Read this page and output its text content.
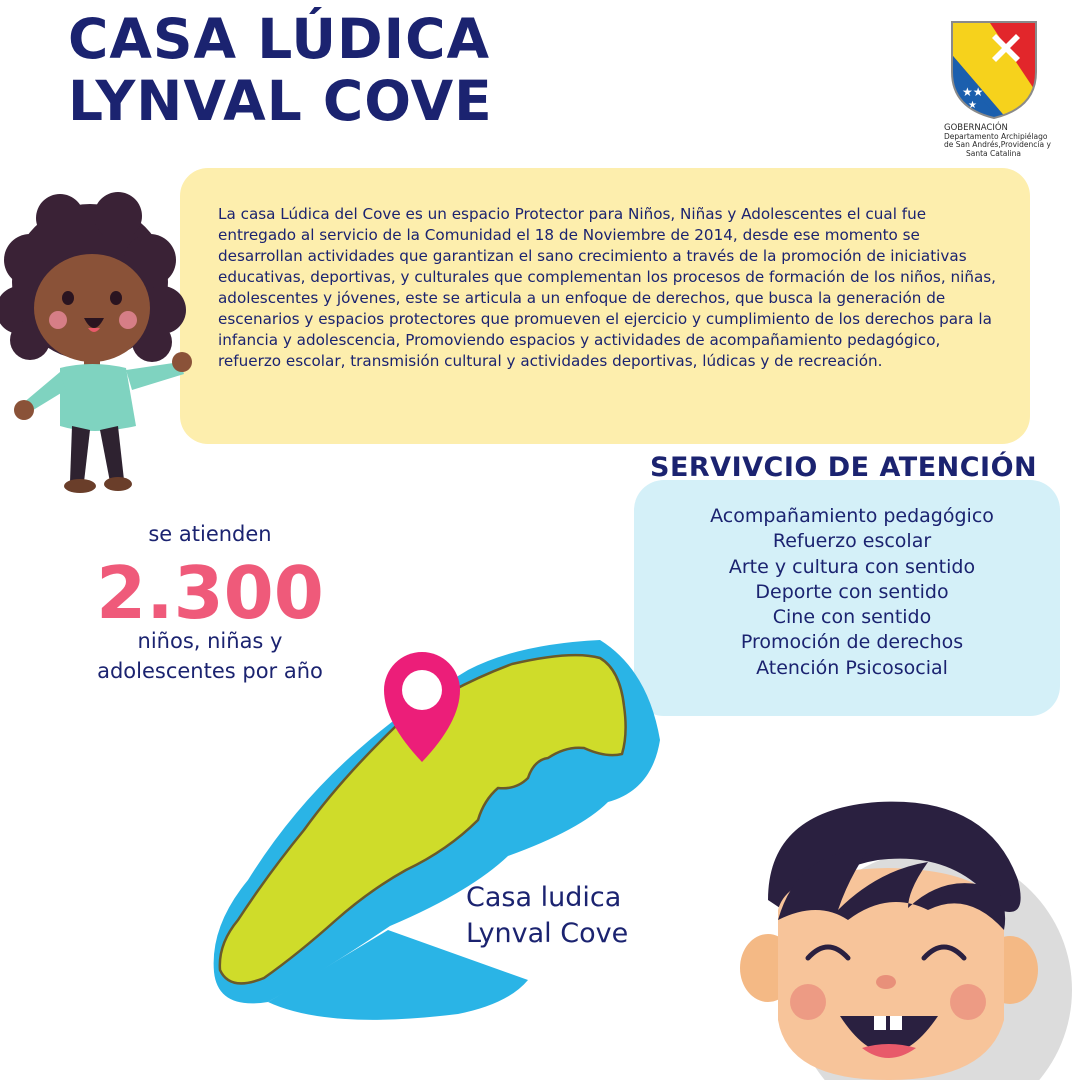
CASA LÚDICA
LYNVAL COVE	★★
★
GOBERNACIÓN
Departamento Archipiélago
de San Andrés,Providencia y
Santa Catalina

La casa Lúdica del Cove es un espacio Protector para Niños, Niñas y Adolescentes el cual fue entregado al servicio de la Comunidad el 18 de Noviembre de 2014, desde ese momento se desarrollan actividades que garantizan el sano crecimiento a través de la promoción de iniciativas educativas, deportivas, y culturales que complementan los procesos de formación de los niños, niñas, adolescentes y jóvenes, este se articula a un enfoque de derechos, que busca la generación de escenarios y espacios protectores que promueven el ejercicio y cumplimiento de los derechos para la infancia y adolescencia, Promoviendo espacios y actividades de acompañamiento pedagógico, refuerzo escolar, transmisión cultural y actividades deportivas, lúdicas y de recreación.

SERVIVCIO DE ATENCIÓN
Acompañamiento pedagógico
Refuerzo escolar
Arte y cultura con sentido
Deporte con sentido
Cine con sentido
Promoción de derechos
Atención Psicosocial
se atienden
2.300
niños, niñas y
adolescentes por año
Casa ludica
Lynval Cove
